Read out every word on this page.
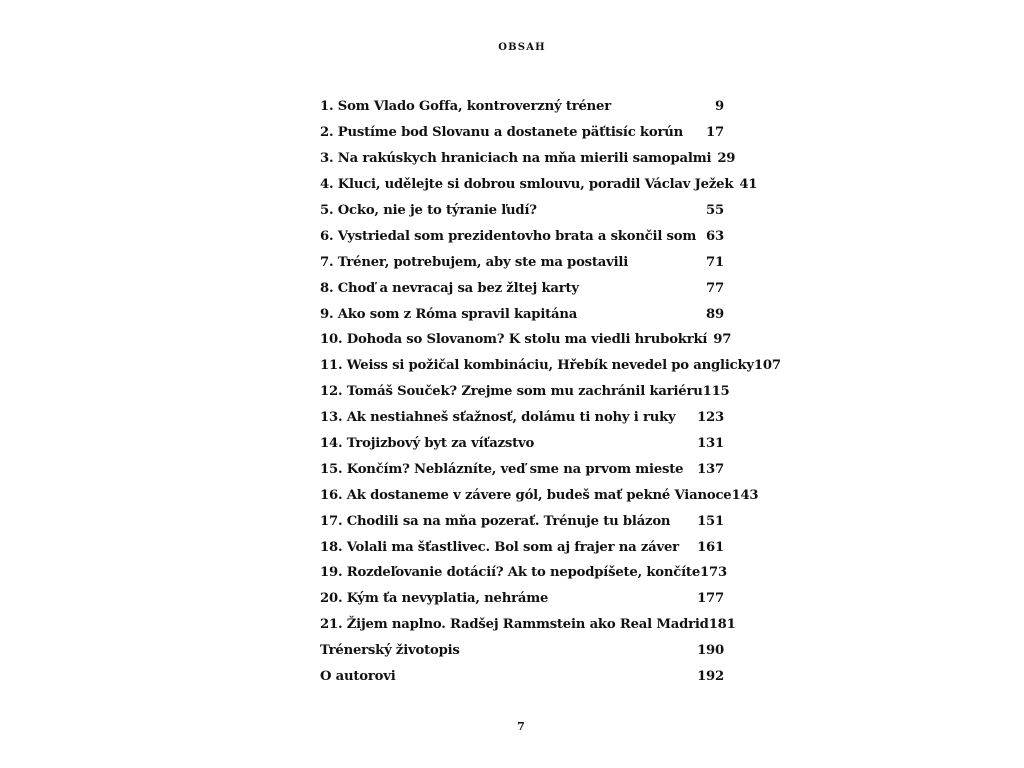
OBSAH
1. Som Vlado Goffa, kontroverzný tréner	9
2. Pustíme bod Slovanu a dostanete päťtisíc korún	17
3. Na rakúskych hraniciach na mňa mierili samopalmi 29
4. Kluci, udělejte si dobrou smlouvu, poradil Václav Ježek 41
5. Ocko, nie je to týranie ľudí?	55
6. Vystriedal som prezidentovho brata a skončil som 63
7. Tréner, potrebujem, aby ste ma postavili	71
8. Choď a nevracaj sa bez žltej karty	77
9. Ako som z Róma spravil kapitána	89
10. Dohoda so Slovanom? K stolu ma viedli hrubokrkí 97
11. Weiss si požičal kombináciu, Hřebík nevedel po anglicky 107
12. Tomáš Souček? Zrejme som mu zachránil kariéru 115
13. Ak nestiahneš sťažnosť, dolámu ti nohy i ruky 123
14. Trojizbový byt za víťazstvo	131
15. Končím? Neblázníte, veď sme na prvom mieste 137
16. Ak dostaneme v závere gól, budeš mať pekné Vianoce 143
17. Chodili sa na mňa pozerať. Trénuje tu blázon 151
18. Volali ma šťastlivec. Bol som aj frajer na záver 161
19. Rozdeľovanie dotácií? Ak to nepodpíšete, končíte 173
20. Kým ťa nevyplatia, nehráme	177
21. Žijem naplno. Radšej Rammstein ako Real Madrid 181
Trénerský životopis	190
O autorovi	192
7
